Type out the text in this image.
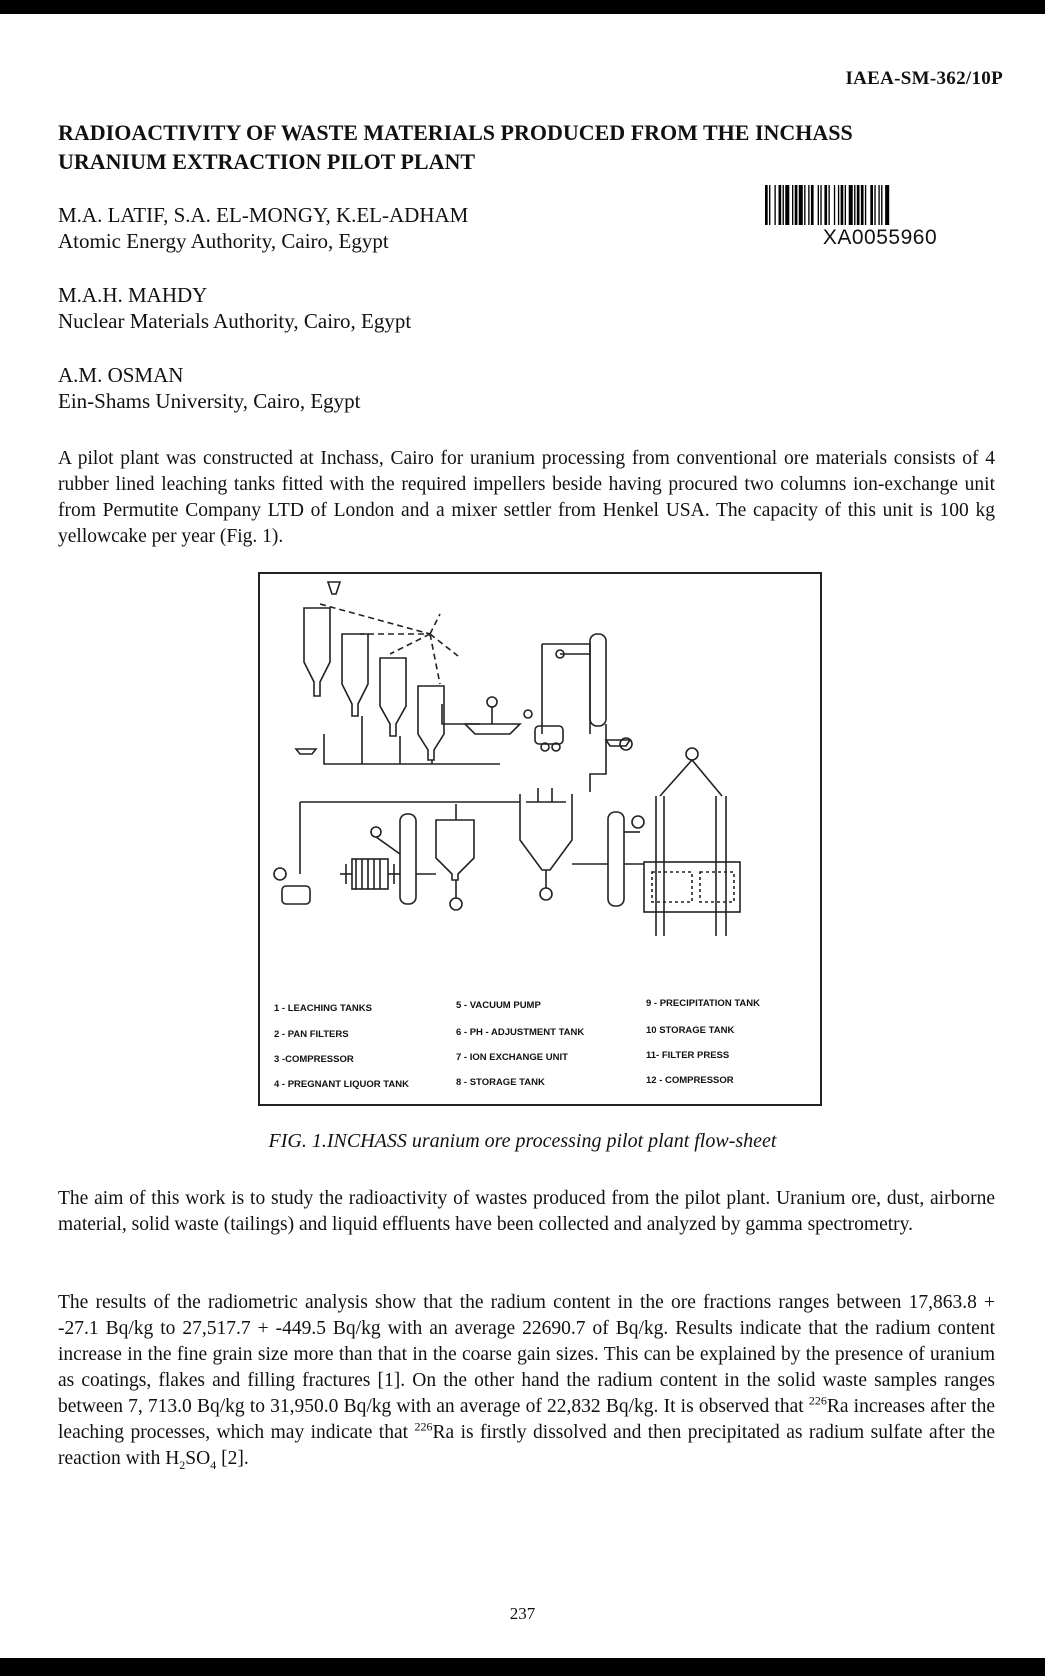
IAEA-SM-362/10P
RADIOACTIVITY OF WASTE MATERIALS PRODUCED FROM THE INCHASS
URANIUM EXTRACTION PILOT PLANT
XA0055960
M.A. LATIF, S.A. EL-MONGY, K.EL-ADHAM
Atomic Energy Authority, Cairo, Egypt
M.A.H. MAHDY
Nuclear Materials Authority, Cairo, Egypt
A.M. OSMAN
Ein-Shams University, Cairo, Egypt
A pilot plant was constructed at Inchass, Cairo for uranium processing from conventional ore materials consists of 4 rubber lined leaching tanks fitted with the required impellers beside having procured two columns ion-exchange unit from Permutite Company LTD of London and a mixer settler from Henkel USA. The capacity of this unit is 100 kg yellowcake per year (Fig. 1).
1 - LEACHING TANKS	5 - VACUUM PUMP	9 - PRECIPITATION TANK
2 - PAN FILTERS	6 - PH - ADJUSTMENT TANK	10 STORAGE TANK
3 -COMPRESSOR	7 - ION EXCHANGE UNIT	11- FILTER PRESS
4 - PREGNANT LIQUOR TANK	8 - STORAGE TANK	12 - COMPRESSOR
FIG. 1.INCHASS uranium ore processing pilot plant flow-sheet
The aim of this work is to study the radioactivity of wastes produced from the pilot plant. Uranium ore, dust, airborne material, solid waste (tailings) and liquid effluents have been collected and analyzed by gamma spectrometry.
The results of the radiometric analysis show that the radium content in the ore fractions ranges between 17,863.8 + -27.1 Bq/kg to 27,517.7 + -449.5 Bq/kg with an average 22690.7 of Bq/kg. Results indicate that the radium content increase in the fine grain size more than that in the coarse gain sizes. This can be explained by the presence of uranium as coatings, flakes and filling fractures [1]. On the other hand the radium content in the solid waste samples ranges between 7, 713.0 Bq/kg to 31,950.0 Bq/kg with an average of 22,832 Bq/kg. It is observed that $^{226}$Ra increases after the leaching processes, which may indicate that $^{226}$Ra is firstly dissolved and then precipitated as radium sulfate after the reaction with $H_2SO_4$ [2].
237
